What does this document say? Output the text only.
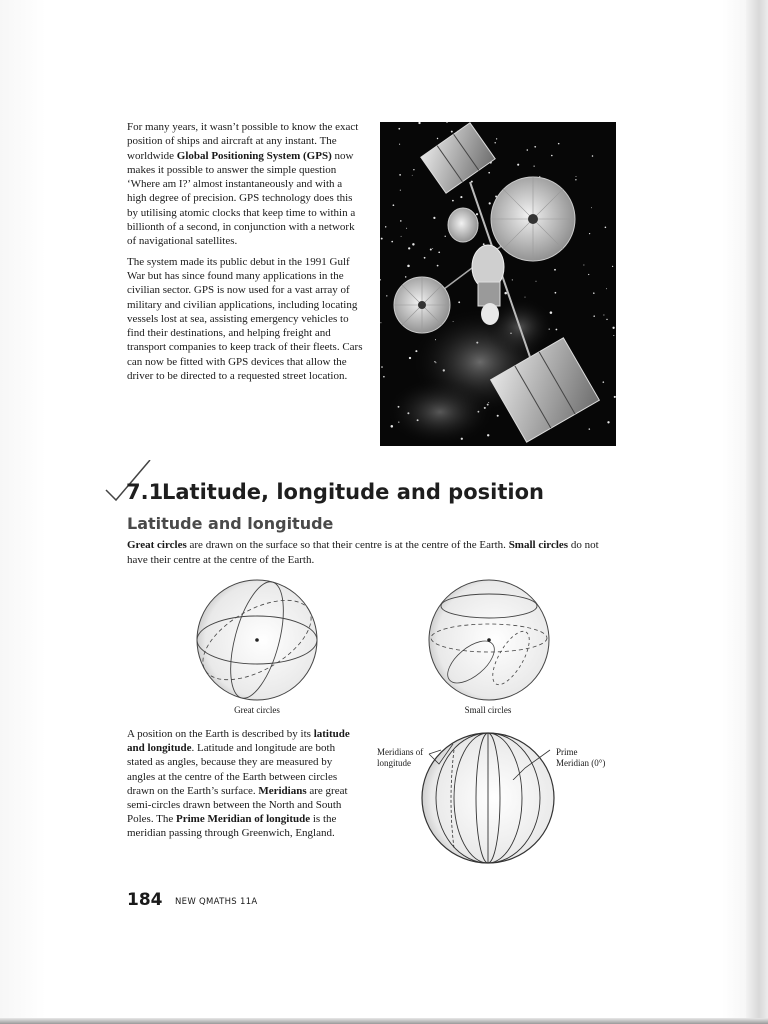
For many years, it wasn’t possible to know the exact position of ships and aircraft at any instant. The worldwide Global Positioning System (GPS) now makes it possible to answer the simple question ‘Where am I?’ almost instantaneously and with a high degree of precision. GPS technology does this by utilising atomic clocks that keep time to within a billionth of a second, in conjunction with a network of navigational satellites.

The system made its public debut in the 1991 Gulf War but has since found many applications in the civilian sector. GPS is now used for a vast array of military and civilian applications, including locating vessels lost at sea, assisting emergency vehicles to find their destinations, and helping freight and transport companies to keep track of their fleets. Cars can now be fitted with GPS devices that allow the driver to be directed to a requested street location.

7.1
Latitude, longitude and position
Latitude and longitude

Great circles are drawn on the surface so that their centre is at the centre of the Earth. Small circles do not have their centre at the centre of the Earth.

Great circles	Small circles

A position on the Earth is described by its latitude and longitude. Latitude and longitude are both stated as angles, because they are measured by angles at the centre of the Earth between circles drawn on the Earth’s surface. Meridians are great semi-circles drawn between the North and South Poles. The Prime Meridian of longitude is the meridian passing through Greenwich, England.

Meridians of
longitude
Prime
Meridian (0°)
184 NEW QMATHS 11A
